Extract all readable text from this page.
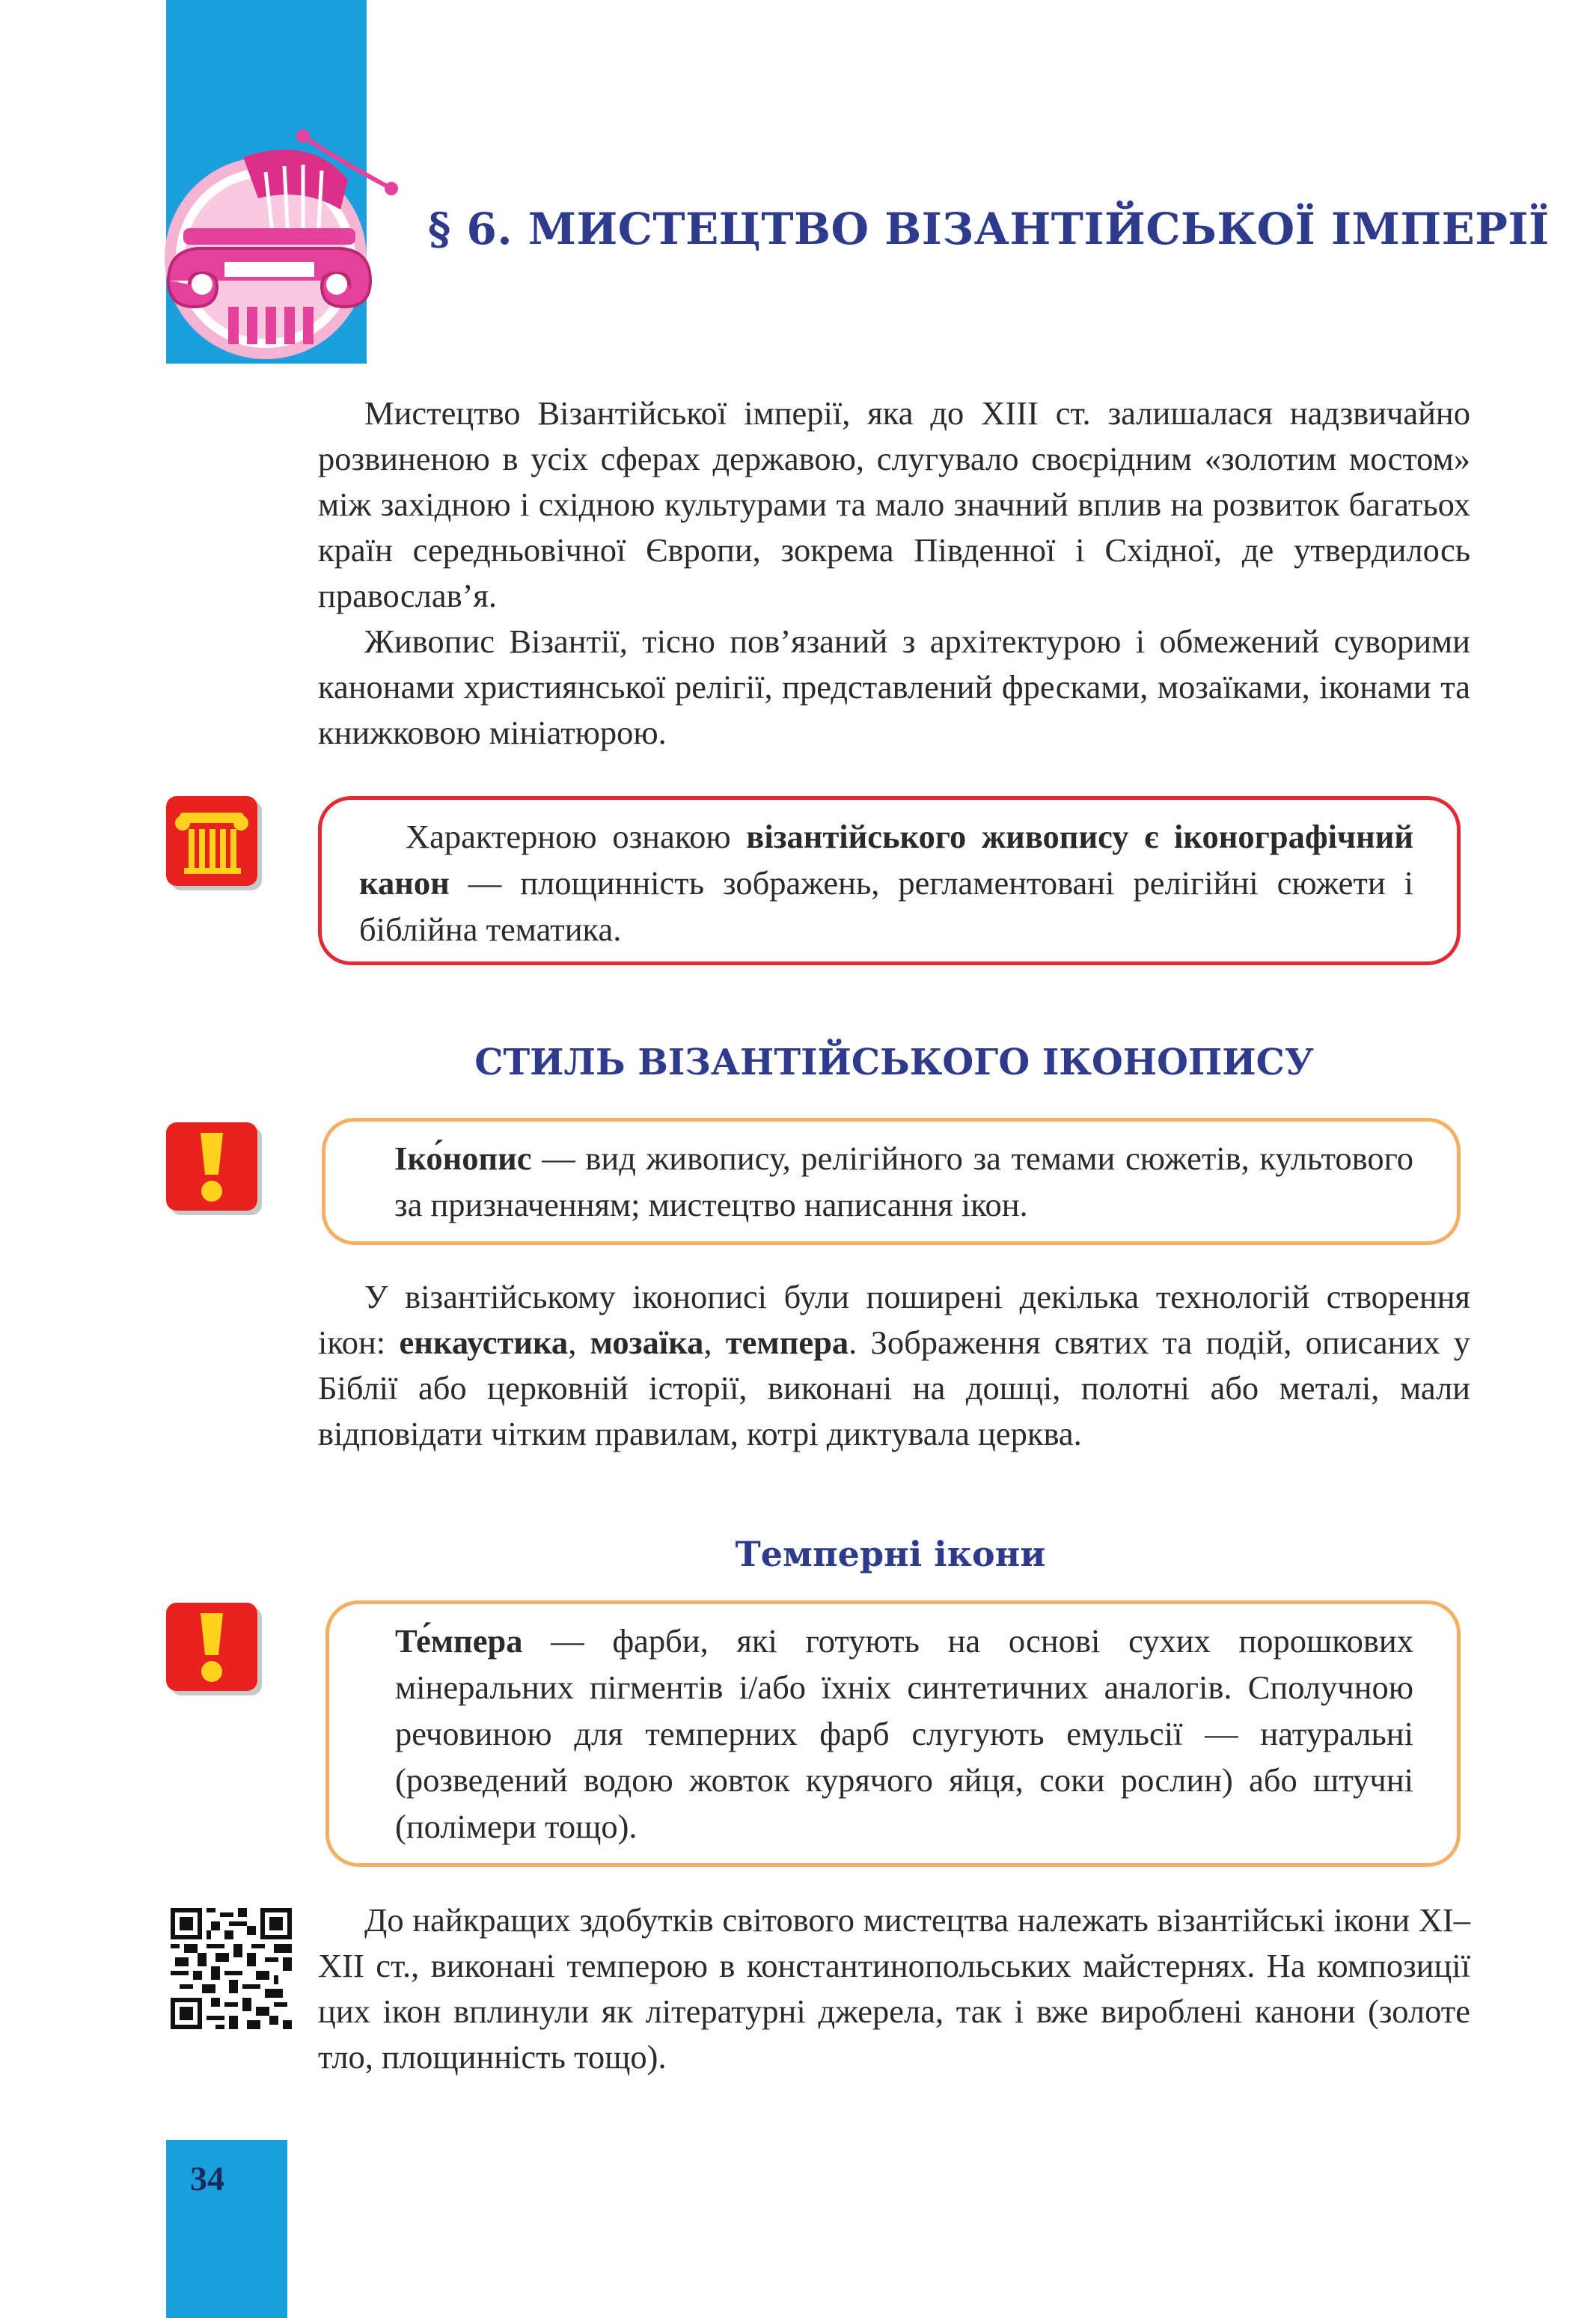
§ 6. МИСТЕЦТВО ВІЗАНТІЙСЬКОЇ ІМПЕРІЇ

Мистецтво Візантійської імперії, яка до XIII ст. залишалася надзвичайно розвиненою в усіх сферах державою, слугувало своєрідним «золотим мостом» між західною і східною культурами та мало значний вплив на розвиток багатьох країн середньовічної Європи, зокрема Південної і Східної, де утвердилось православ’я.

Живопис Візантії, тісно пов’язаний з архітектурою і обмежений суворими канонами християнської релігії, представлений фресками, мозаїками, іконами та книжковою мініатюрою.

Характерною ознакою візантійського живопису є іконографічний канон — площинність зображень, регламентовані релігійні сюжети і біблійна тематика.
СТИЛЬ ВІЗАНТІЙСЬКОГО ІКОНОПИСУ
Іко́нопис — вид живопису, релігійного за темами сюжетів, культового за призначенням; мистецтво написання ікон.

У візантійському іконописі були поширені декілька технологій створення ікон: енкаустика, мозаїка, темпера. Зображення святих та подій, описаних у Біблії або церковній історії, виконані на дошці, полотні або металі, мали відповідати чітким правилам, котрі диктувала церква.

Темперні ікони
Те́мпера — фарби, які готують на основі сухих порошкових мінеральних пігментів і/або їхніх синтетичних аналогів. Сполучною речовиною для темперних фарб слугують емульсії — натуральні (розведений водою жовток курячого яйця, соки рослин) або штучні (полімери тощо).

До найкращих здобутків світового мистецтва належать візантійські ікони XI–XII ст., виконані темперою в константинопольських майстернях. На композиції цих ікон вплинули як літературні джерела, так і вже вироблені канони (золоте тло, площинність тощо).

34
